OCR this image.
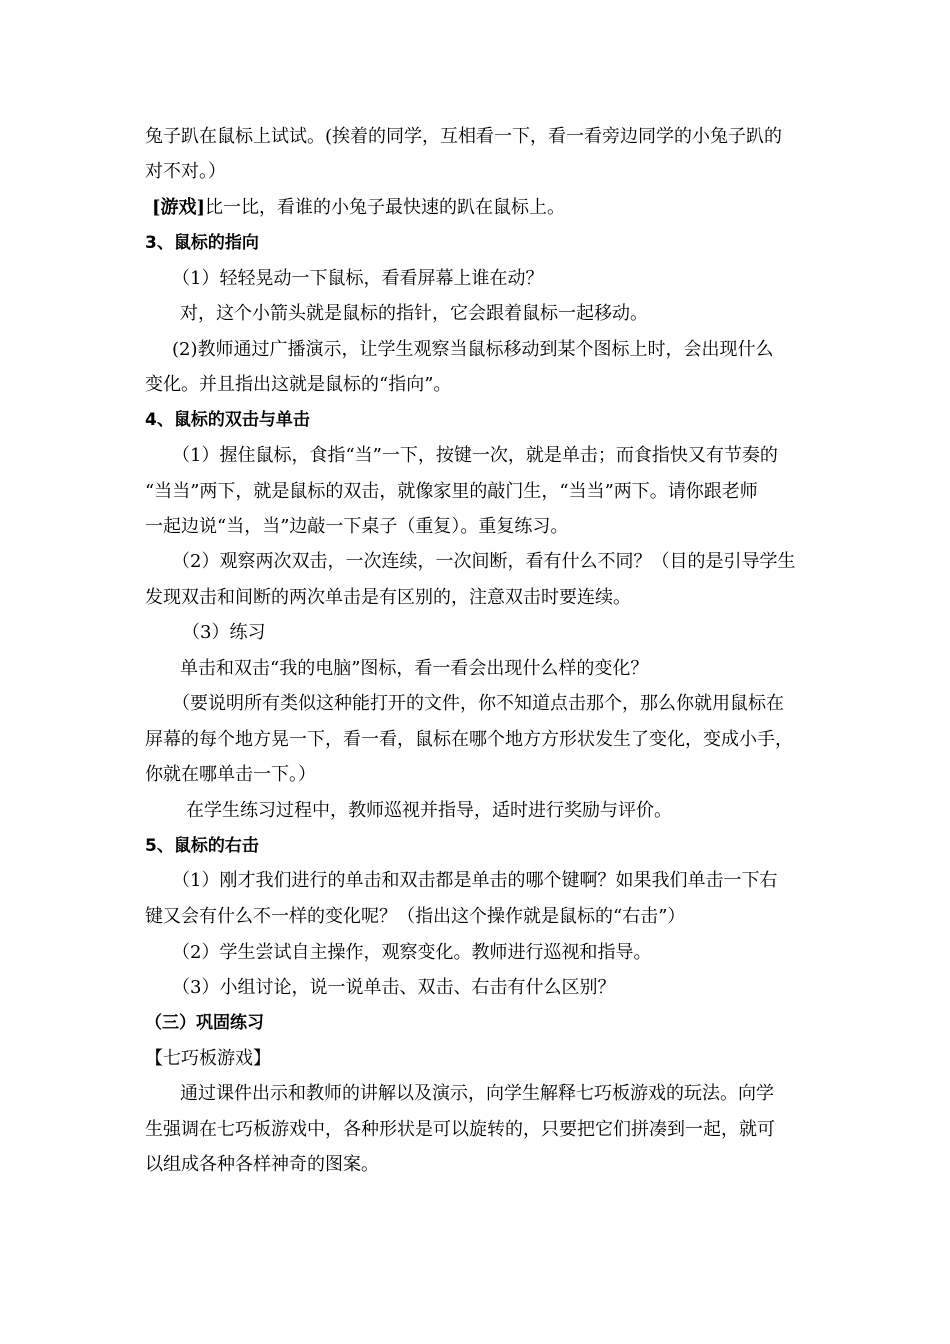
兔子趴在鼠标上试试。(挨着的同学，互相看一下，看一看旁边同学的小兔子趴的
对不对。）
[游戏]比一比，看谁的小兔子最快速的趴在鼠标上。
3、鼠标的指向
（1）轻轻晃动一下鼠标，看看屏幕上谁在动？
对，这个小箭头就是鼠标的指针，它会跟着鼠标一起移动。
(2)教师通过广播演示，让学生观察当鼠标移动到某个图标上时，会出现什么
变化。并且指出这就是鼠标的“指向”。
4、鼠标的双击与单击
（1）握住鼠标，食指“当”一下，按键一次，就是单击；而食指快又有节奏的
“当当”两下，就是鼠标的双击，就像家里的敲门生，“当当”两下。请你跟老师
一起边说“当，当”边敲一下桌子（重复）。重复练习。
（2）观察两次双击，一次连续，一次间断，看有什么不同？（目的是引导学生
发现双击和间断的两次单击是有区别的，注意双击时要连续。
（3）练习
单击和双击“我的电脑”图标，看一看会出现什么样的变化？
（要说明所有类似这种能打开的文件，你不知道点击那个，那么你就用鼠标在
屏幕的每个地方晃一下，看一看，鼠标在哪个地方方形状发生了变化，变成小手，
你就在哪单击一下。）
在学生练习过程中，教师巡视并指导，适时进行奖励与评价。
5、鼠标的右击
（1）刚才我们进行的单击和双击都是单击的哪个键啊？如果我们单击一下右
键又会有什么不一样的变化呢？（指出这个操作就是鼠标的“右击”）
（2）学生尝试自主操作，观察变化。教师进行巡视和指导。
（3）小组讨论，说一说单击、双击、右击有什么区别？
（三）巩固练习
【七巧板游戏】
通过课件出示和教师的讲解以及演示，向学生解释七巧板游戏的玩法。向学
生强调在七巧板游戏中，各种形状是可以旋转的，只要把它们拼凑到一起，就可
以组成各种各样神奇的图案。
